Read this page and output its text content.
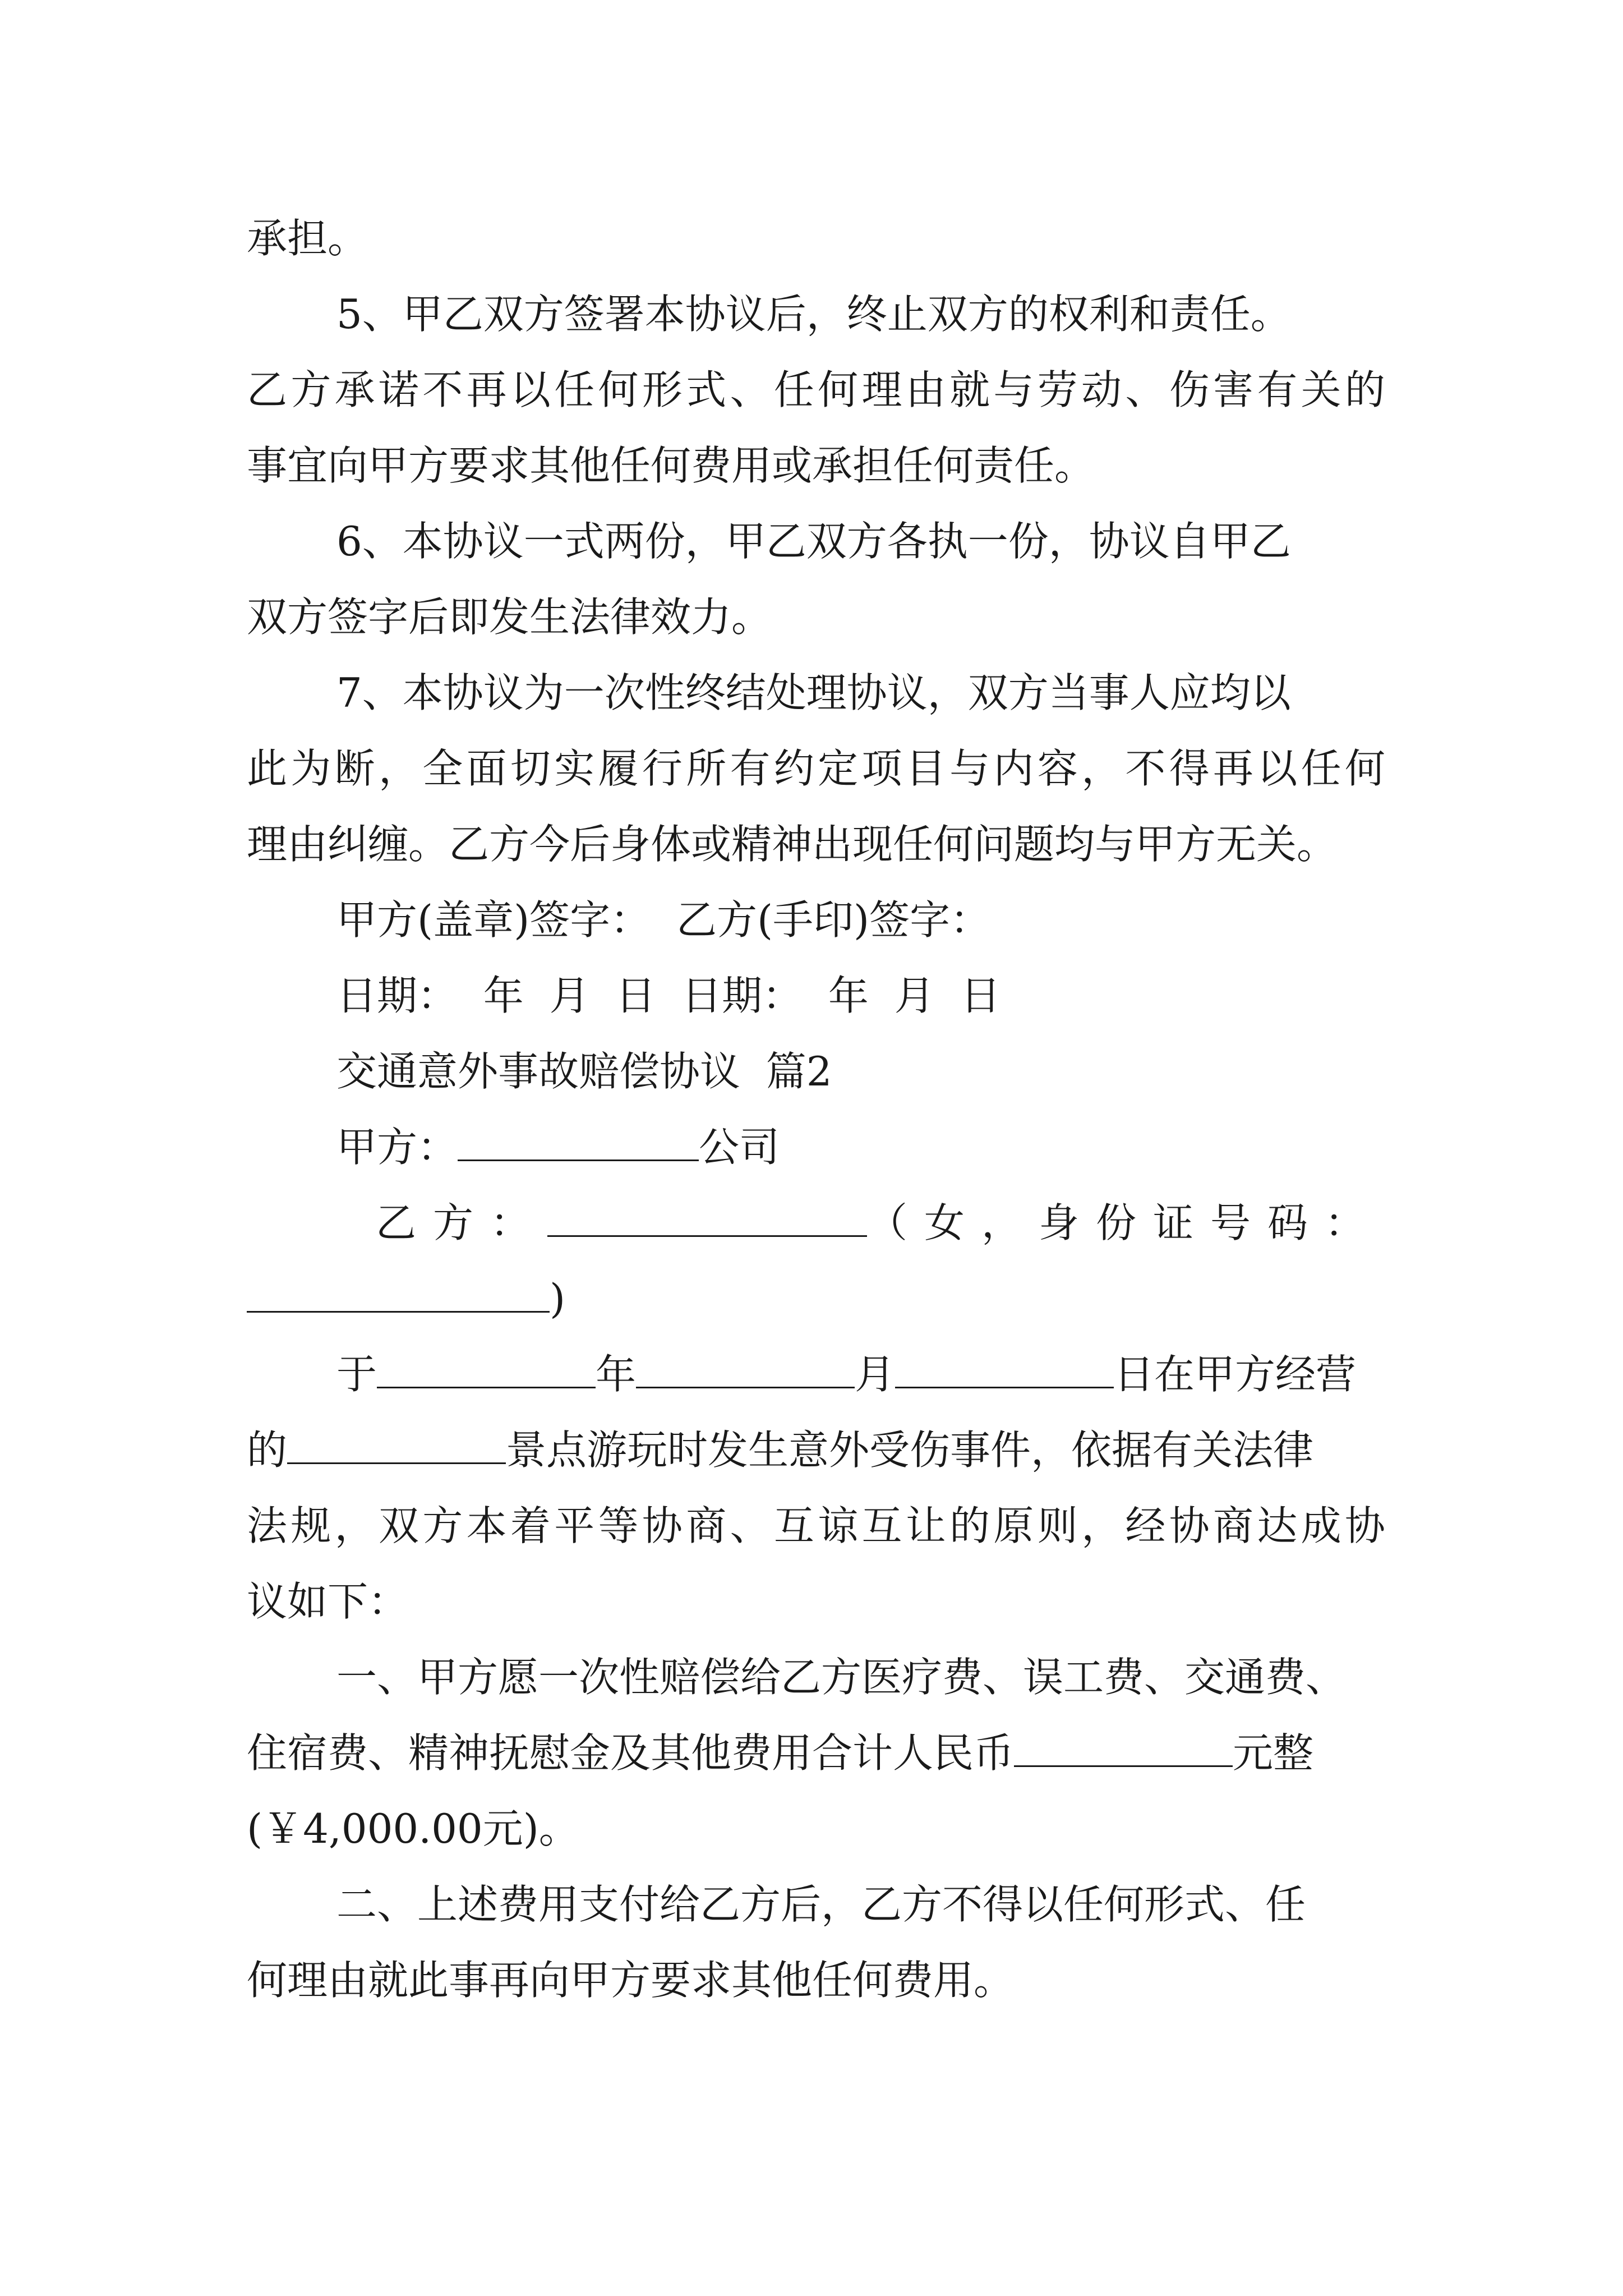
承担。
5、甲乙双方签署本协议后，终止双方的权利和责任。
乙方承诺不再以任何形式、任何理由就与劳动、伤害有关的
事宜向甲方要求其他任何费用或承担任何责任。
6、本协议一式两份，甲乙双方各执一份，协议自甲乙
双方签字后即发生法律效力。
7、本协议为一次性终结处理协议，双方当事人应均以
此为断，全面切实履行所有约定项目与内容，不得再以任何
理由纠缠。乙方今后身体或精神出现任何问题均与甲方无关。
甲方(盖章)签字：  乙方(手印)签字：
日期：  年  月  日  日期：  年  月  日
交通意外事故赔偿协议  篇2
甲方：	公司
乙方：	（女，身份证号码：
)
于	年	月	日在甲方经营
的	景点游玩时发生意外受伤事件，依据有关法律
法规，双方本着平等协商、互谅互让的原则，经协商达成协
议如下：
一、甲方愿一次性赔偿给乙方医疗费、误工费、交通费、
住宿费、精神抚慰金及其他费用合计人民币	元整
(￥4,000.00元)。
二、上述费用支付给乙方后，乙方不得以任何形式、任
何理由就此事再向甲方要求其他任何费用。
